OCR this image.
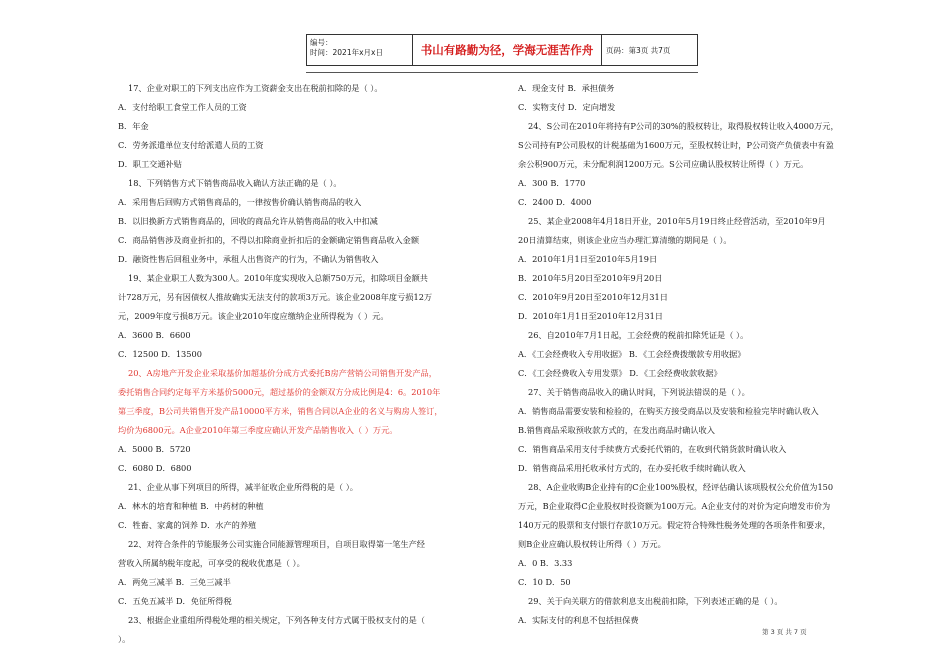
编号：
时间：2021年x月x日	书山有路勤为径，学海无涯苦作舟	页码：第3页 共7页

17、企业对职工的下列支出应作为工资薪金支出在税前扣除的是（ ）。

A．支付给职工食堂工作人员的工资

B．年金

C．劳务派遣单位支付给派遣人员的工资

D．职工交通补贴

18、下列销售方式下销售商品收入确认方法正确的是（ ）。

A．采用售后回购方式销售商品的，一律按售价确认销售商品的收入

B．以旧换新方式销售商品的，回收的商品允许从销售商品的收入中扣减

C．商品销售涉及商业折扣的，不得以扣除商业折扣后的金额确定销售商品收入金额

D．融资性售后回租业务中，承租人出售资产的行为，不确认为销售收入

19、某企业职工人数为300人。2010年度实现收入总额750万元，扣除项目金额共

计728万元，另有因债权人推故确实无法支付的款项3万元。该企业2008年度亏损12万

元，2009年度亏损8万元。该企业2010年度应缴纳企业所得税为（ ）元。

A．3600 B．6600

C．12500 D．13500

20、A房地产开发企业采取基价加超基价分成方式委托B房产营销公司销售开发产品，

委托销售合同约定每平方米基价5000元，超过基价的金额双方分成比例是4：6。2010年

第三季度，B公司共销售开发产品10000平方米，销售合同以A企业的名义与购房人签订，

均价为6800元。A企业2010年第三季度应确认开发产品销售收入（ ）万元。

A．5000 B．5720

C．6080 D．6800

21、企业从事下列项目的所得，减半征收企业所得税的是（ ）。

A．林木的培育和种植 B．中药材的种植

C．牲畜、家禽的饲养 D．水产的养殖

22、对符合条件的节能服务公司实施合同能源管理项目，自项目取得第一笔生产经

营收入所属纳税年度起，可享受的税收优惠是（ ）。

A．两免三减半 B．三免三减半

C．五免五减半 D．免征所得税

23、根据企业重组所得税处理的相关规定，下列各种支付方式属于股权支付的是（

）。

A．现金支付 B．承担债务

C．实物支付 D．定向增发

24、S公司在2010年将持有P公司的30%的股权转让，取得股权转让收入4000万元，

S公司持有P公司股权的计税基础为1600万元，至股权转让时，P公司资产负债表中有盈

余公积900万元，未分配利润1200万元。S公司应确认股权转让所得（ ）万元。

A．300 B．1770

C．2400 D．4000

25、某企业2008年4月18日开业，2010年5月19日终止经营活动，至2010年9月

20日清算结束，则该企业应当办理汇算清缴的期间是（ ）。

A．2010年1月1日至2010年5月19日

B．2010年5月20日至2010年9月20日

C．2010年9月20日至2010年12月31日

D．2010年1月1日至2010年12月31日

26、自2010年7月1日起，工会经费的税前扣除凭证是（ ）。

A．《工会经费收入专用收据》 B．《工会经费拨缴款专用收据》

C．《工会经费收入专用发票》 D．《工会经费收款收据》

27、关于销售商品收入的确认时间，下列说法错误的是（ ）。

A．销售商品需要安装和检验的，在购买方接受商品以及安装和检验完毕时确认收入

B.销售商品采取预收款方式的，在发出商品时确认收入

C．销售商品采用支付手续费方式委托代销的，在收到代销货款时确认收入

D．销售商品采用托收承付方式的，在办妥托收手续时确认收入

28、A企业收购B企业持有的C企业100%股权，经评估确认该项股权公允价值为150

万元，B企业取得C企业股权时投资额为100万元。A企业支付的对价为定向增发市价为

140万元的股票和支付银行存款10万元。假定符合特殊性税务处理的各项条件和要求，

则B企业应确认股权转让所得（ ）万元。

A．0 B．3.33

C．10 D．50

29、关于向关联方的借款利息支出税前扣除，下列表述正确的是（ ）。

A．实际支付的利息不包括担保费

第 3 页 共 7 页
